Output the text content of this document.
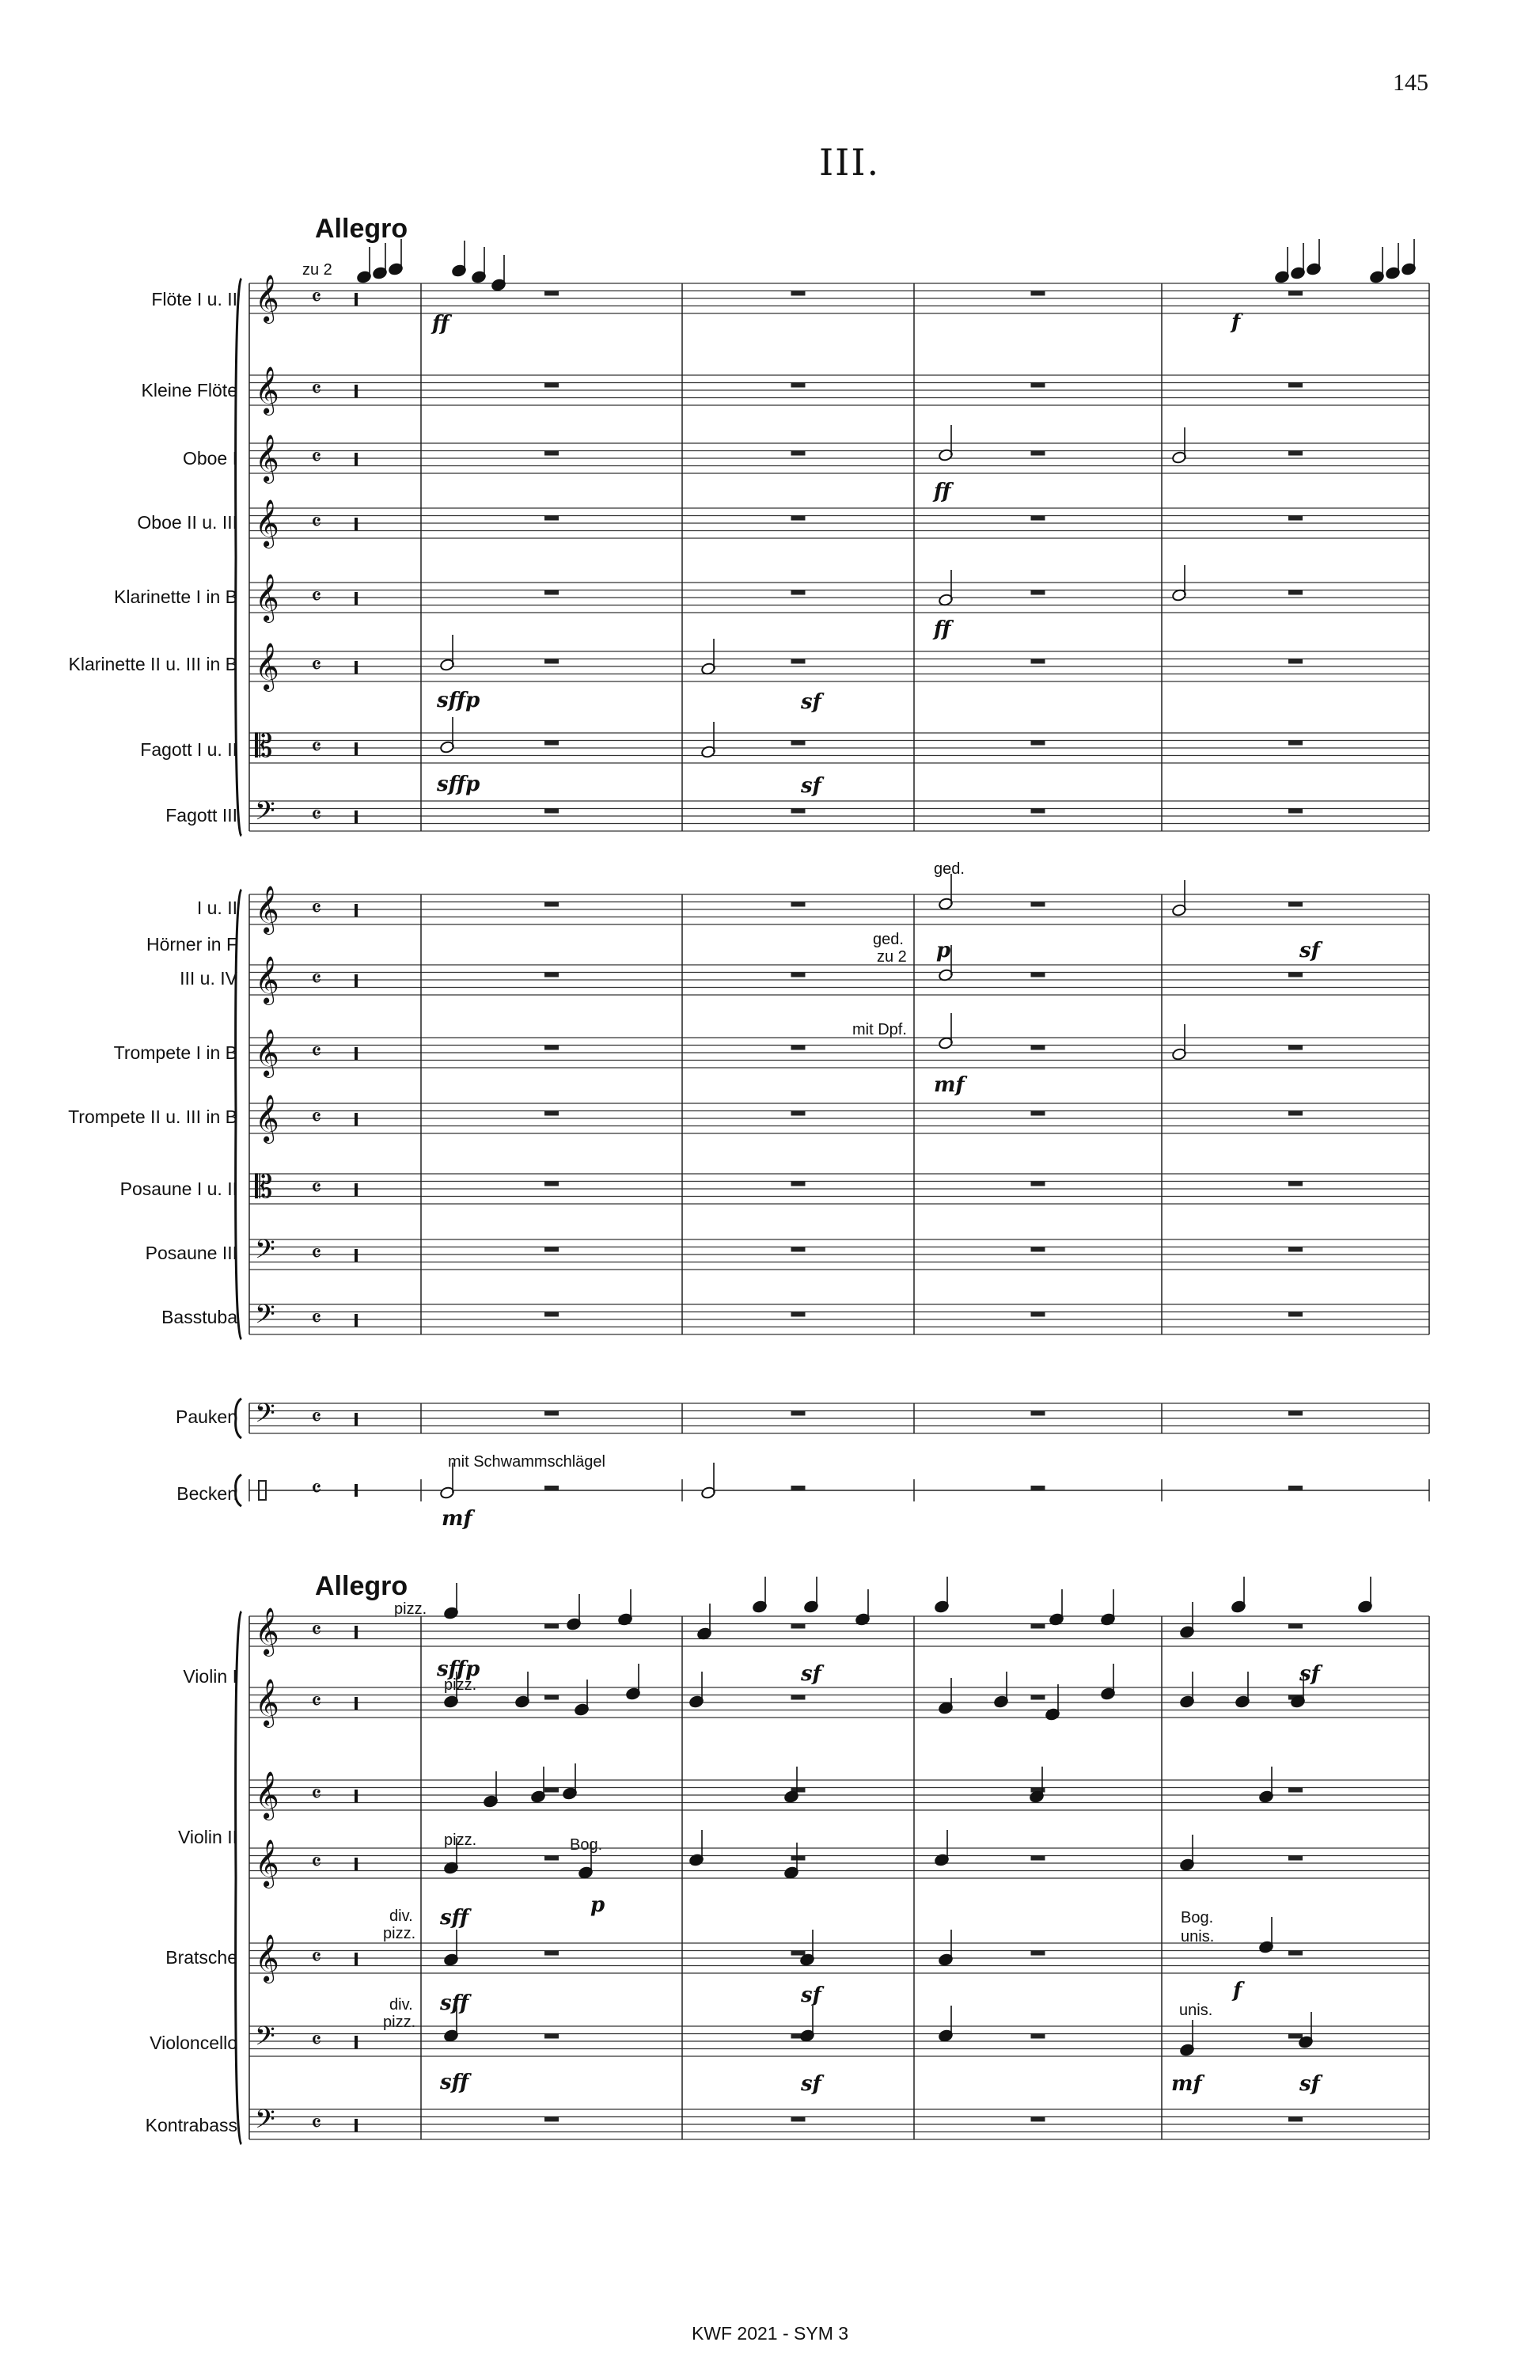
145
III.
Allegro
Allegro
Flöte I u. II
Kleine Flöte
Oboe I
Oboe II u. III
Klarinette I in B
Klarinette II u. III in B
Fagott I u. II
Fagott III
I u. II
Hörner in F
III u. IV
Trompete I in B
Trompete II u. III in B
Posaune I u. II
Posaune III
Basstuba
Pauken
Becken
Violin I
Violin II
Bratsche
Violoncello
Kontrabass
zu 2
ged.
ged.
zu 2
mit Dpf.
mit Schwammschlägel
pizz.
pizz.
pizz.	Bog.
div.
pizz.
div.
pizz.
Bog.
unis.
unis.
ff	f
ff
ff
sffp	sf
sffp	sf
p	sf
mf
mf
sffp	sf	sf
sff
p
sff	sf	f
sff	sf	mf	sf
𝄞 𝄴
𝄞 𝄴
𝄞 𝄴
𝄞 𝄴
𝄞 𝄴
𝄞 𝄴
𝄡 𝄴
𝄢 𝄴
𝄞 𝄴
𝄞 𝄴
𝄞 𝄴
𝄞 𝄴
𝄡 𝄴
𝄢 𝄴
𝄢 𝄴
𝄢 𝄴
𝄴
𝄞 𝄴
𝄞 𝄴
𝄞 𝄴
𝄞 𝄴
𝄞 𝄴
𝄢 𝄴
𝄢 𝄴
KWF 2021 - SYM 3
